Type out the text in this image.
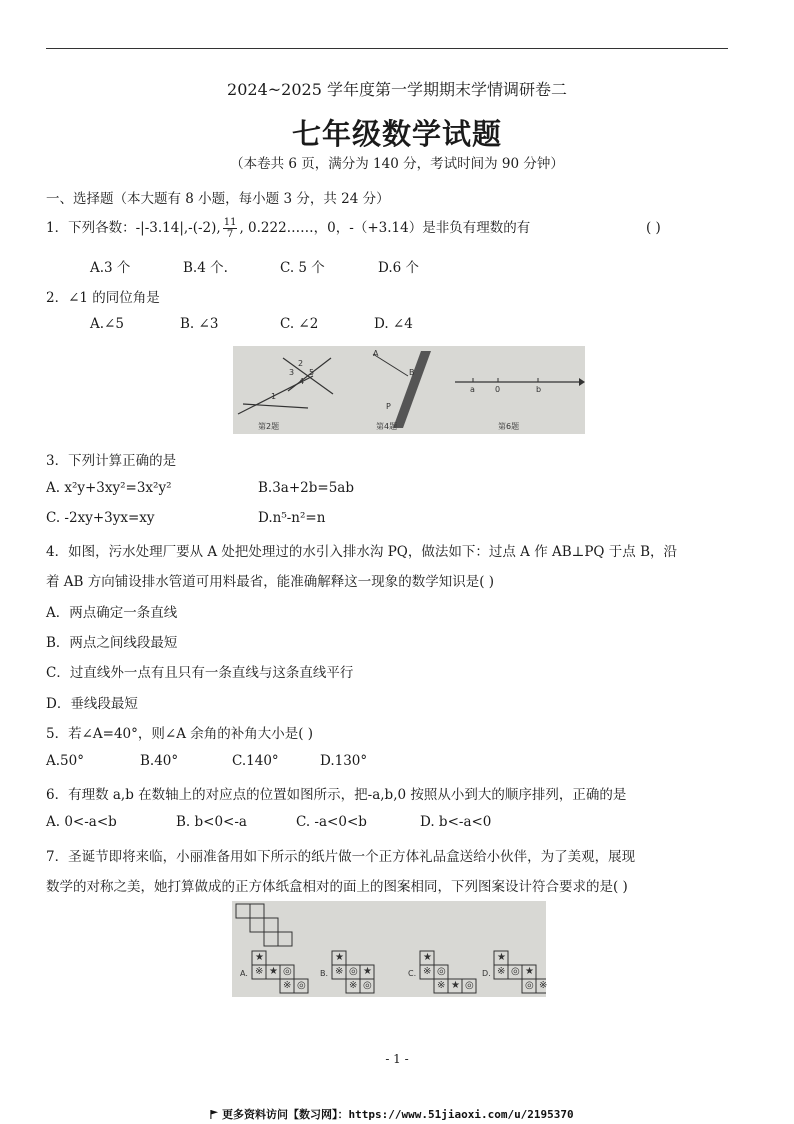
2024~2025 学年度第一学期期末学情调研卷二
七年级数学试题
（本卷共 6 页，满分为 140 分，考试时间为 90 分钟）
一、选择题（本大题有 8 小题，每小题 3 分，共 24 分）
1．下列各数：-|-3.14|,-(-2), $\frac{11}{7}$ , 0.222……，0，-（+3.14）是非负有理数的有	( )
A.3 个	B.4 个.	C. 5 个	D.6 个
2．∠1 的同位角是
A.∠5	B. ∠3	C. ∠2	D. ∠4
2
3
4
5
1
A
B
P
a	0	b
第2题	第4题	第6题
3．下列计算正确的是
A. x²y+3xy²=3x²y²	B.3a+2b=5ab
C. -2xy+3yx=xy	D.n⁵-n²=n
4．如图，污水处理厂要从 A 处把处理过的水引入排水沟 PQ，做法如下：过点 A 作 AB⊥PQ 于点 B，沿
着 AB 方向铺设排水管道可用料最省，能准确解释这一现象的数学知识是( )
A．两点确定一条直线
B．两点之间线段最短
C．过直线外一点有且只有一条直线与这条直线平行
D．垂线段最短
5．若∠A=40°，则∠A 余角的补角大小是( )
A.50°	B.40°	C.140°	D.130°
6．有理数 a,b 在数轴上的对应点的位置如图所示，把-a,b,0 按照从小到大的顺序排列，正确的是
A. 0<-a<b	B. b<0<-a	C. -a<0<b	D. b<-a<0
7．圣诞节即将来临，小丽准备用如下所示的纸片做一个正方体礼品盒送给小伙伴，为了美观，展现
数学的对称之美，她打算做成的正方体纸盒相对的面上的图案相同，下列图案设计符合要求的是( )
A.	B.	C.	D.
★
※ ★ ◎
※ ◎
★
※ ◎ ★
※ ◎
★
※ ◎
※ ★ ◎
★
※ ◎ ★
◎ ※
- 1 -
更多资料访问【数习网】：https://www.51jiaoxi.com/u/2195370
